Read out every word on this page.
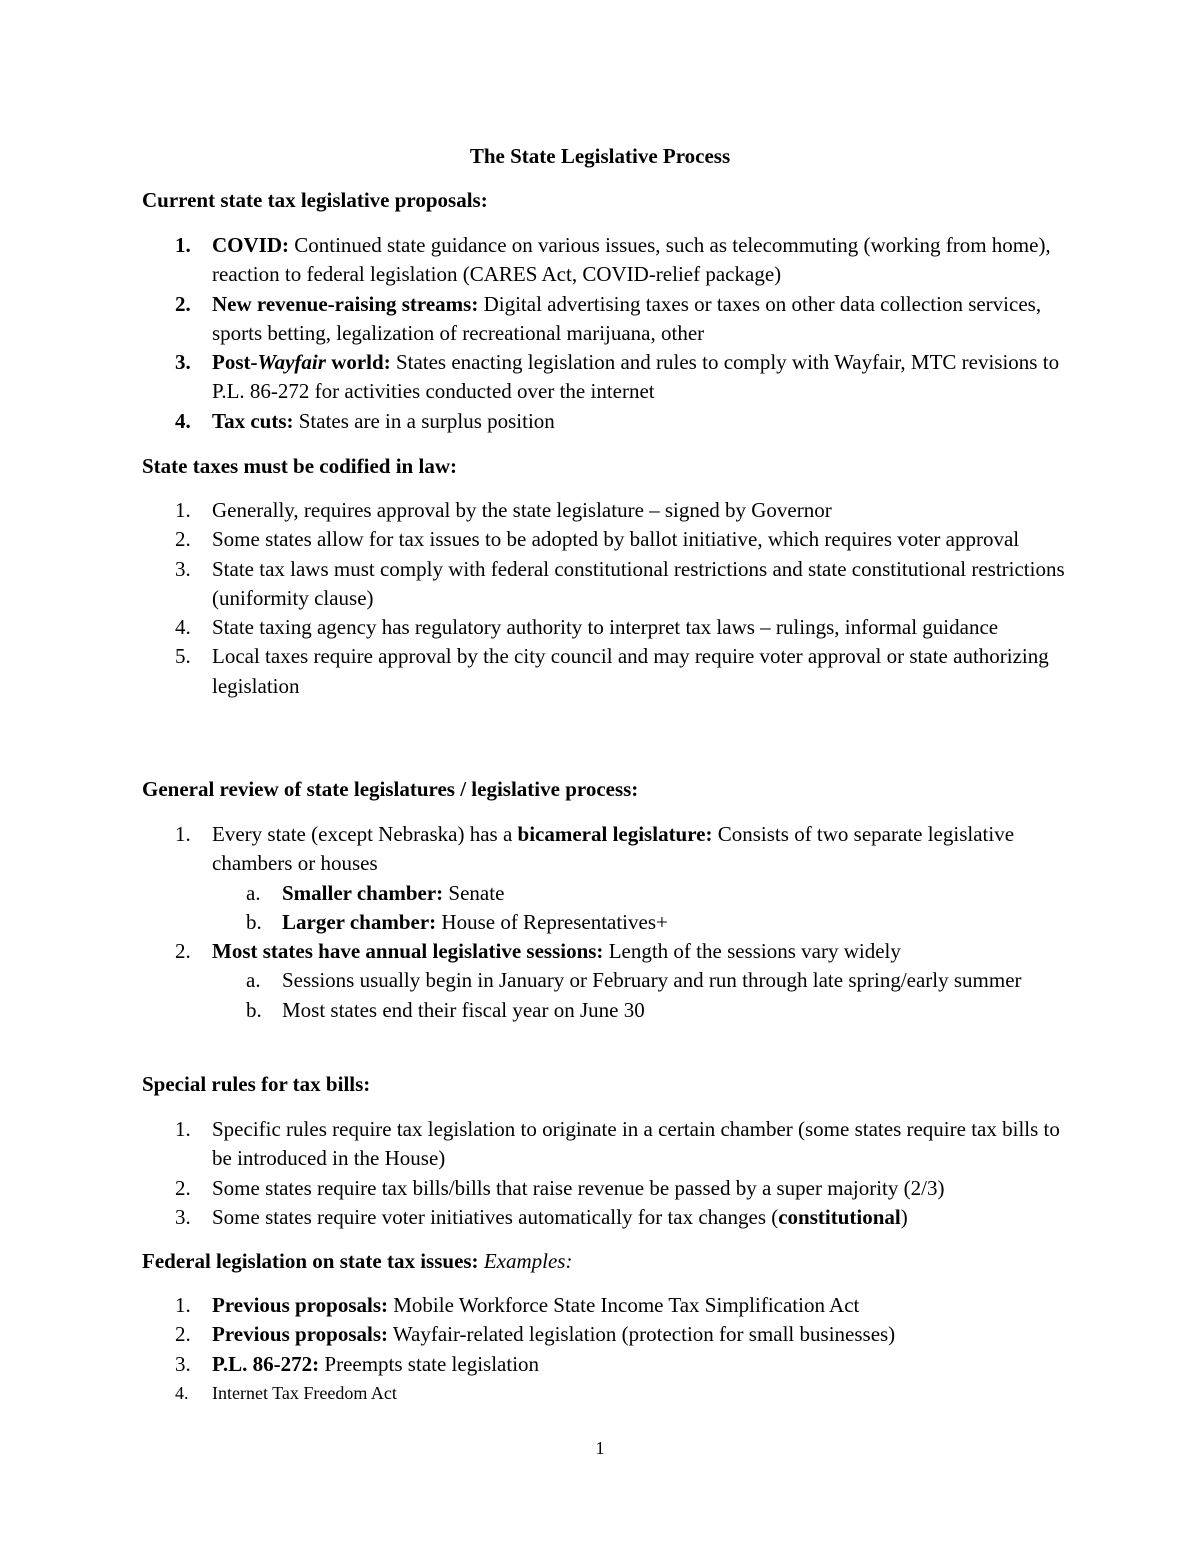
The State Legislative Process
Current state tax legislative proposals:
1. COVID: Continued state guidance on various issues, such as telecommuting (working from home), reaction to federal legislation (CARES Act, COVID-relief package)
2. New revenue-raising streams: Digital advertising taxes or taxes on other data collection services, sports betting, legalization of recreational marijuana, other
3. Post-Wayfair world: States enacting legislation and rules to comply with Wayfair, MTC revisions to P.L. 86-272 for activities conducted over the internet
4. Tax cuts: States are in a surplus position
State taxes must be codified in law:
1. Generally, requires approval by the state legislature – signed by Governor
2. Some states allow for tax issues to be adopted by ballot initiative, which requires voter approval
3. State tax laws must comply with federal constitutional restrictions and state constitutional restrictions (uniformity clause)
4. State taxing agency has regulatory authority to interpret tax laws – rulings, informal guidance
5. Local taxes require approval by the city council and may require voter approval or state authorizing legislation
General review of state legislatures / legislative process:
1. Every state (except Nebraska) has a bicameral legislature: Consists of two separate legislative chambers or houses
a. Smaller chamber: Senate
b. Larger chamber: House of Representatives+
2. Most states have annual legislative sessions: Length of the sessions vary widely
a. Sessions usually begin in January or February and run through late spring/early summer
b. Most states end their fiscal year on June 30
Special rules for tax bills:
1. Specific rules require tax legislation to originate in a certain chamber (some states require tax bills to be introduced in the House)
2. Some states require tax bills/bills that raise revenue be passed by a super majority (2/3)
3. Some states require voter initiatives automatically for tax changes (constitutional)
Federal legislation on state tax issues: Examples:
1. Previous proposals: Mobile Workforce State Income Tax Simplification Act
2. Previous proposals: Wayfair-related legislation (protection for small businesses)
3. P.L. 86-272: Preempts state legislation
4. Internet Tax Freedom Act
1
